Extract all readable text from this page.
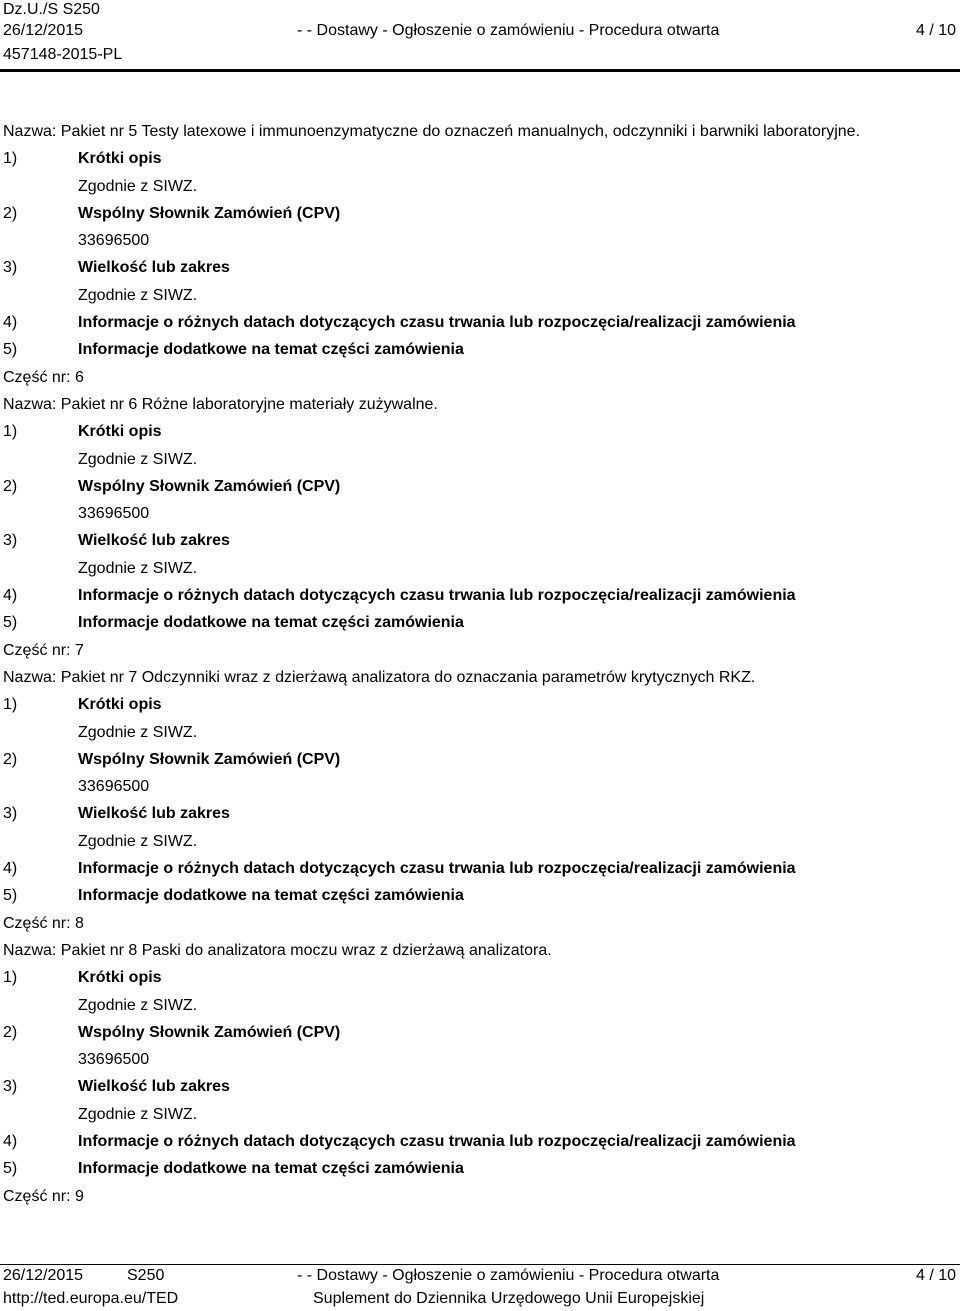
Dz.U./S S250
26/12/2015	- - Dostawy - Ogłoszenie o zamówieniu - Procedura otwarta	4 / 10
457148-2015-PL
Nazwa: Pakiet nr 5 Testy latexowe i immunoenzymatyczne do oznaczeń manualnych, odczynniki i barwniki laboratoryjne.
1)	Krótki opis
Zgodnie z SIWZ.
2)	Wspólny Słownik Zamówień (CPV)
33696500
3)	Wielkość lub zakres
Zgodnie z SIWZ.
4)	Informacje o różnych datach dotyczących czasu trwania lub rozpoczęcia/realizacji zamówienia
5)	Informacje dodatkowe na temat części zamówienia
Część nr: 6
Nazwa: Pakiet nr 6 Różne laboratoryjne materiały zużywalne.
1)	Krótki opis
Zgodnie z SIWZ.
2)	Wspólny Słownik Zamówień (CPV)
33696500
3)	Wielkość lub zakres
Zgodnie z SIWZ.
4)	Informacje o różnych datach dotyczących czasu trwania lub rozpoczęcia/realizacji zamówienia
5)	Informacje dodatkowe na temat części zamówienia
Część nr: 7
Nazwa: Pakiet nr 7 Odczynniki wraz z dzierżawą analizatora do oznaczania parametrów krytycznych RKZ.
1)	Krótki opis
Zgodnie z SIWZ.
2)	Wspólny Słownik Zamówień (CPV)
33696500
3)	Wielkość lub zakres
Zgodnie z SIWZ.
4)	Informacje o różnych datach dotyczących czasu trwania lub rozpoczęcia/realizacji zamówienia
5)	Informacje dodatkowe na temat części zamówienia
Część nr: 8
Nazwa: Pakiet nr 8 Paski do analizatora moczu wraz z dzierżawą analizatora.
1)	Krótki opis
Zgodnie z SIWZ.
2)	Wspólny Słownik Zamówień (CPV)
33696500
3)	Wielkość lub zakres
Zgodnie z SIWZ.
4)	Informacje o różnych datach dotyczących czasu trwania lub rozpoczęcia/realizacji zamówienia
5)	Informacje dodatkowe na temat części zamówienia
Część nr: 9
26/12/2015	S250	- - Dostawy - Ogłoszenie o zamówieniu - Procedura otwarta	4 / 10
http://ted.europa.eu/TED	Suplement do Dziennika Urzędowego Unii Europejskiej
